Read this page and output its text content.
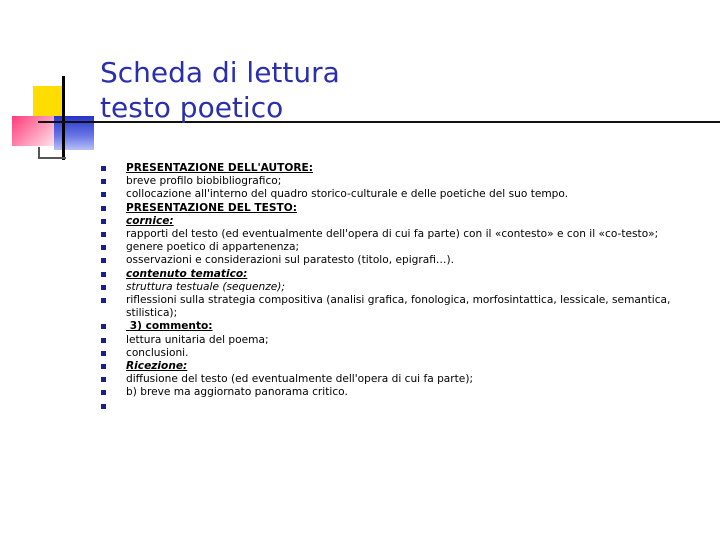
Scheda di lettura
testo poetico
PRESENTAZIONE DELL'AUTORE:
breve profilo biobibliografico;
collocazione all'interno del quadro storico-culturale e delle poetiche del suo tempo.
PRESENTAZIONE DEL TESTO:
cornice:
rapporti del testo (ed eventualmente dell'opera di cui fa parte) con il «contesto» e con il «co-testo»;
genere poetico di appartenenza;
osservazioni e considerazioni sul paratesto (titolo, epigrafi…).
contenuto tematico:
struttura testuale (sequenze);
riflessioni sulla strategia compositiva (analisi grafica, fonologica, morfosintattica, lessicale, semantica, stilistica);
3) commento:
lettura unitaria del poema;
conclusioni.
Ricezione:
diffusione del testo (ed eventualmente dell'opera di cui fa parte);
b) breve ma aggiornato panorama critico.
